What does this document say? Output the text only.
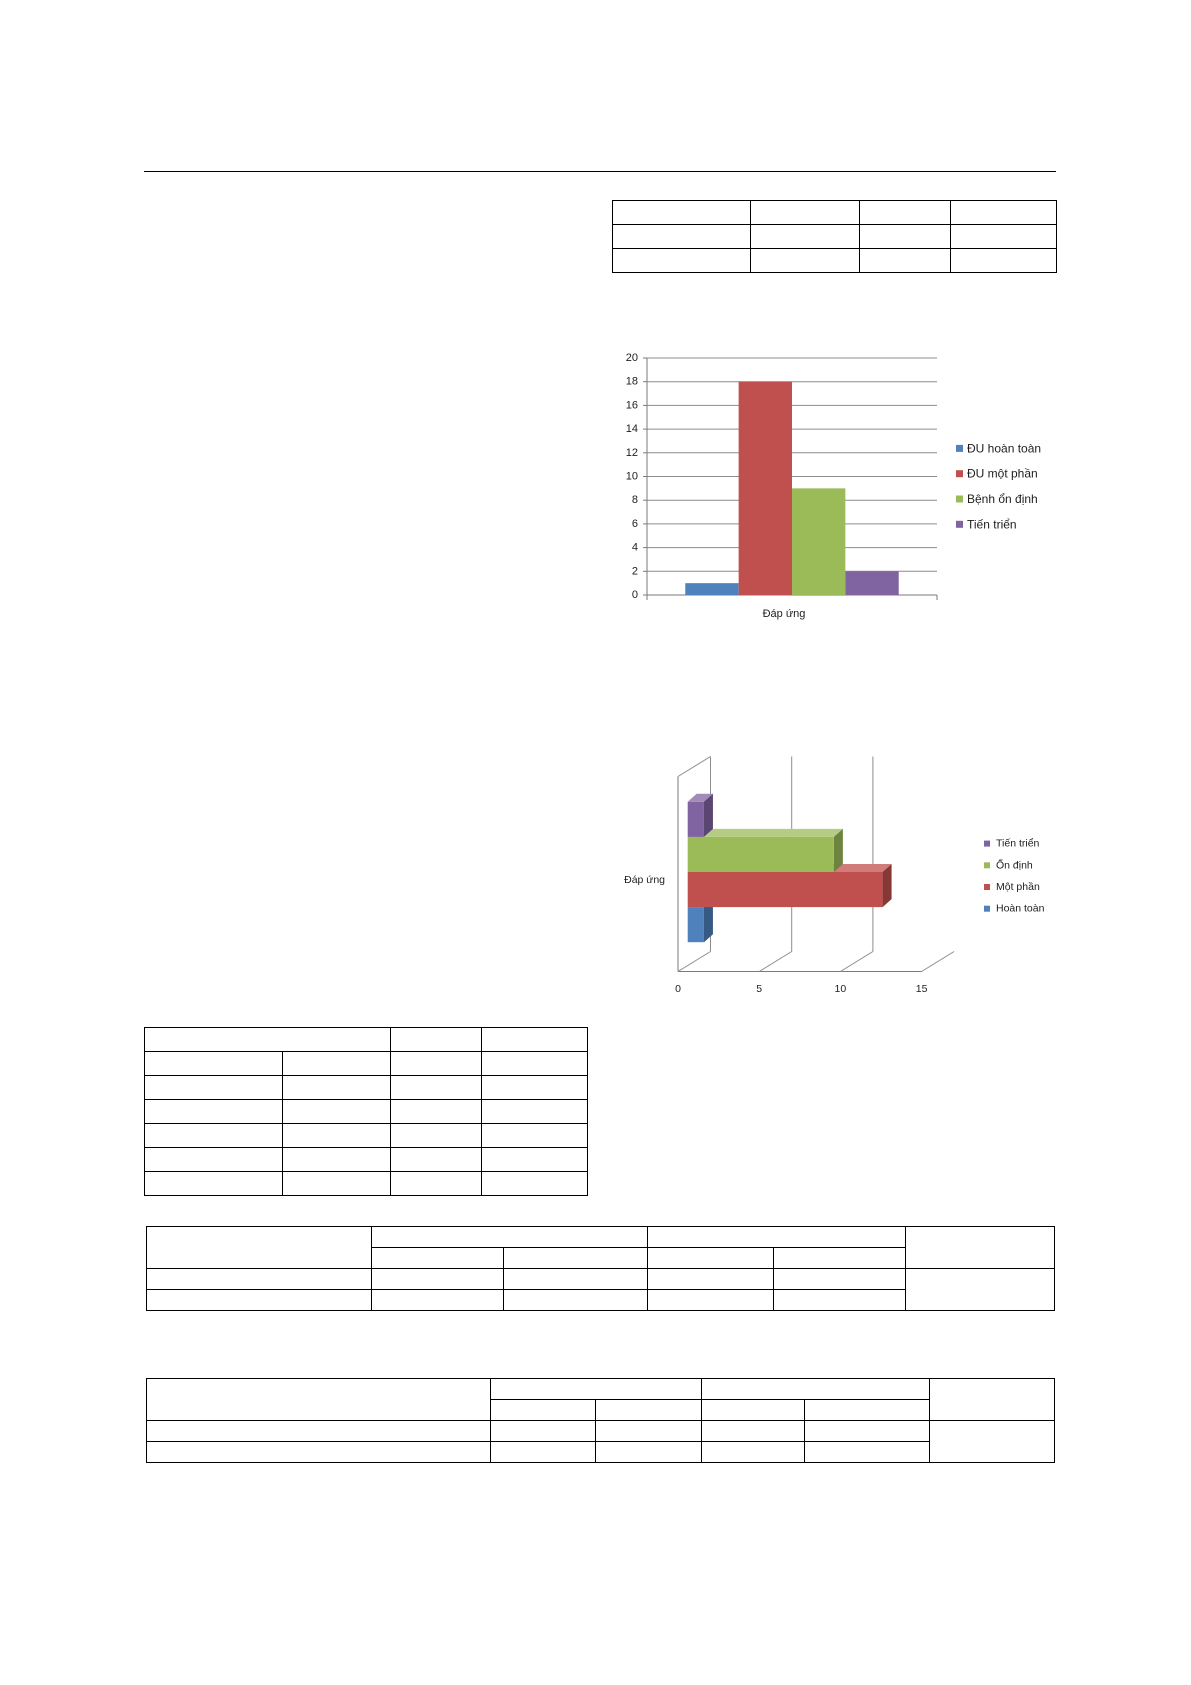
0
2
4
6
8
10
12
14
16
18
20
Đáp ứng
ĐU hoàn toàn
ĐU một phần
Bệnh ổn định
Tiến triển
0	5	10	15
Đáp ứng
Tiến triển
Ổn định
Một phần
Hoàn toàn
